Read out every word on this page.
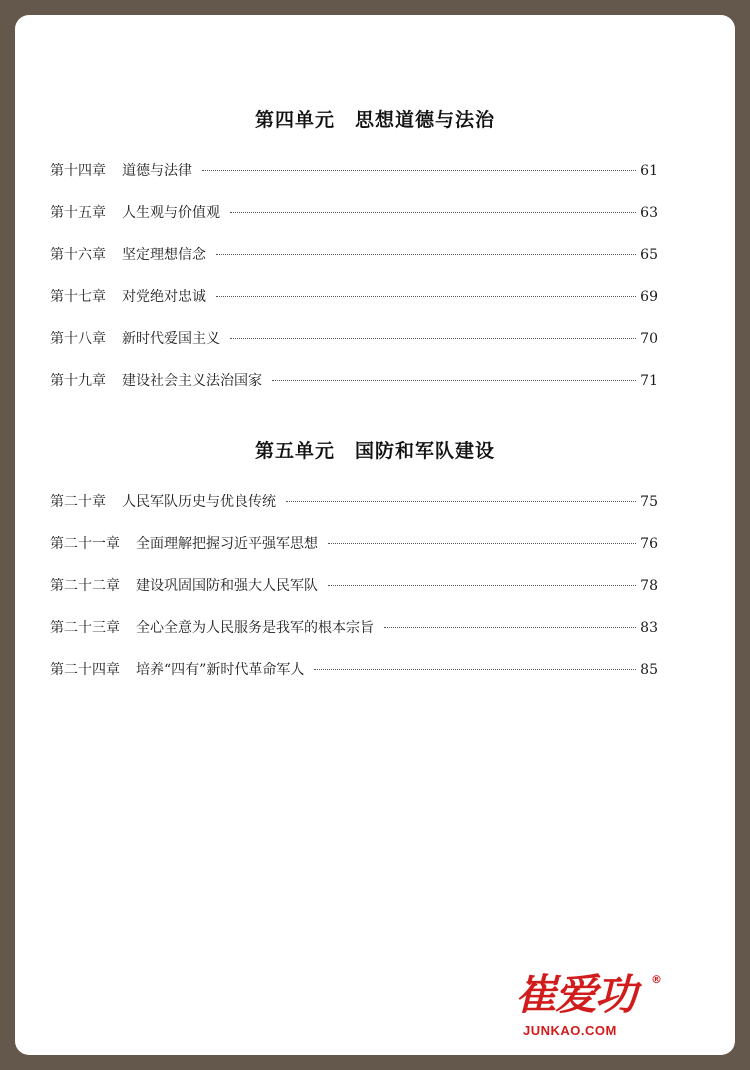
第四单元　思想道德与法治
第十四章 道德与法律	61
第十五章 人生观与价值观	63
第十六章 坚定理想信念	65
第十七章 对党绝对忠诚	69
第十八章 新时代爱国主义	70
第十九章 建设社会主义法治国家	71
第五单元　国防和军队建设
第二十章 人民军队历史与优良传统	75
第二十一章 全面理解把握习近平强军思想	76
第二十二章 建设巩固国防和强大人民军队	78
第二十三章 全心全意为人民服务是我军的根本宗旨	83
第二十四章 培养“四有”新时代革命军人	85
崔爱功 ®
JUNKAO.COM
